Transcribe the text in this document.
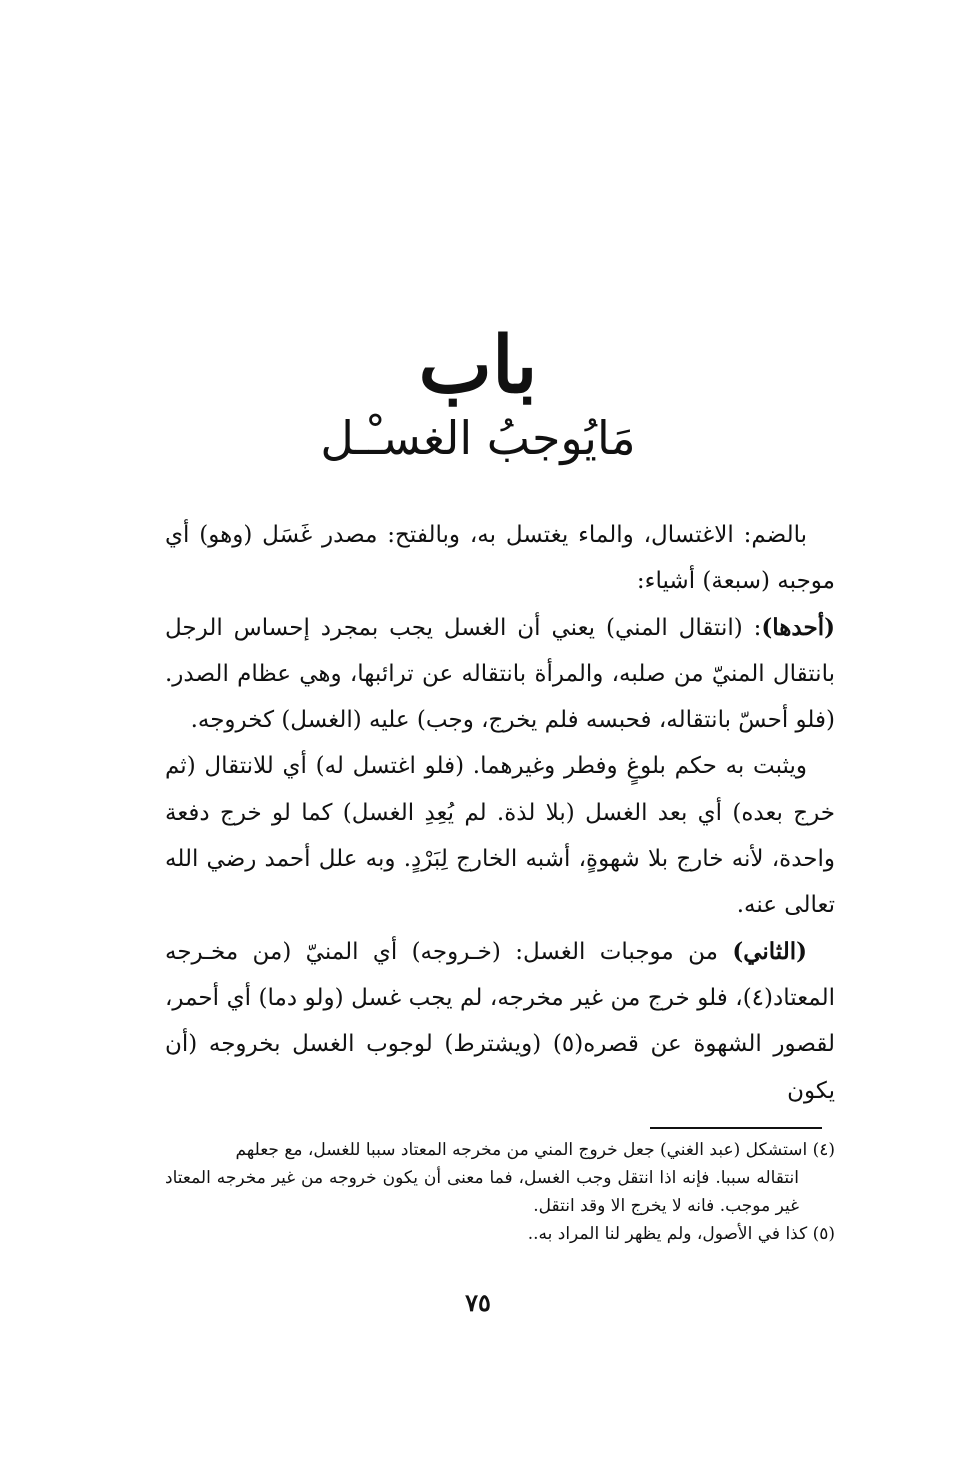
باب
مَايُوجبُ الغسـْـل

بالضم: الاغتسال، والماء يغتسل به، وبالفتح: مصدر غَسَل (وهو) أي موجبه (سبعة) أشياء:

(أحدها): (انتقال المني) يعني أن الغسل يجب بمجرد إحساس الرجل بانتقال المنيّ من صلبه، والمرأة بانتقاله عن ترائبها، وهي عظام الصدر. (فلو أحسّ بانتقاله، فحبسه فلم يخرج، وجب) عليه (الغسل) كخروجه.

ويثبت به حكم بلوغٍ وفطر وغيرهما. (فلو اغتسل له) أي للانتقال (ثم خرج بعده) أي بعد الغسل (بلا لذة. لم يُعِدِ الغسل) كما لو خرج دفعة واحدة، لأنه خارج بلا شهوةٍ، أشبه الخارج لِبَرْدٍ. وبه علل أحمد رضي الله تعالى عنه.

(الثاني) من موجبات الغسل: (خـروجه) أي المنيّ (من مخـرجه المعتاد(٤)، فلو خرج من غير مخرجه، لم يجب غسل (ولو دما) أي أحمر، لقصور الشهوة عن قصره(٥) (ويشترط) لوجوب الغسل بخروجه (أن يكون

(٤) استشكل (عبد الغني) جعل خروج المني من مخرجه المعتاد سببا للغسل، مع جعلهم

انتقاله سببا. فإنه اذا انتقل وجب الغسل، فما معنى أن يكون خروجه من غير مخرجه المعتاد غير موجب. فانه لا يخرج الا وقد انتقل.

(٥) كذا في الأصول، ولم يظهر لنا المراد به..

٧٥
